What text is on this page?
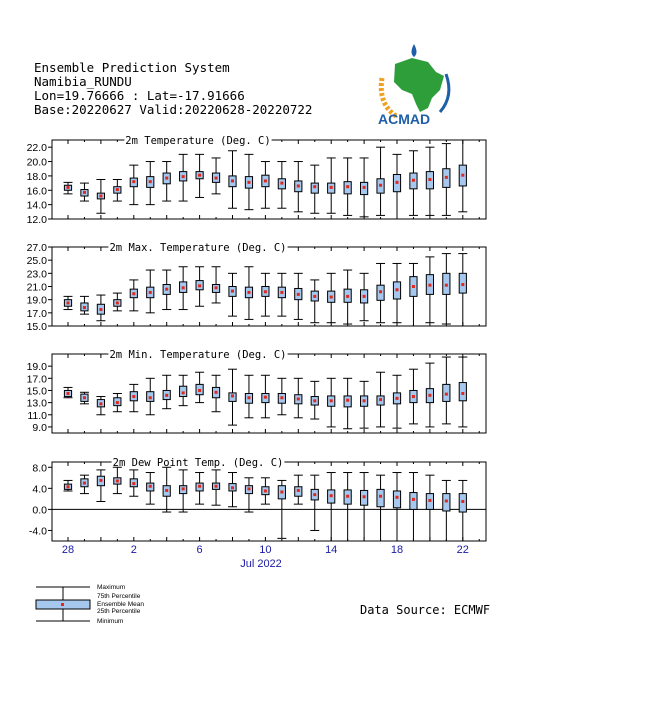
Ensemble Prediction System
Namibia_RUNDU
Lon=19.76666 : Lat=-17.91666
Base:20220627 Valid:20220628-20220722
ACMAD
12.0
14.0
16.0
18.0
20.0
22.0
2m Temperature (Deg. C)
15.0
17.0
19.0
21.0
23.0
25.0
27.0	2m Max. Temperature (Deg. C)
9.0
11.0
13.0
15.0
17.0
19.0
2m Min. Temperature (Deg. C)
-4.0
0.0
4.0
8.0	2m Dew Point Temp. (Deg. C)
28	2	6	10	14	18	22
Jul 2022
Maximum
75th Percentile
Ensemble Mean
25th Percentile
Minimum
Data Source: ECMWF
